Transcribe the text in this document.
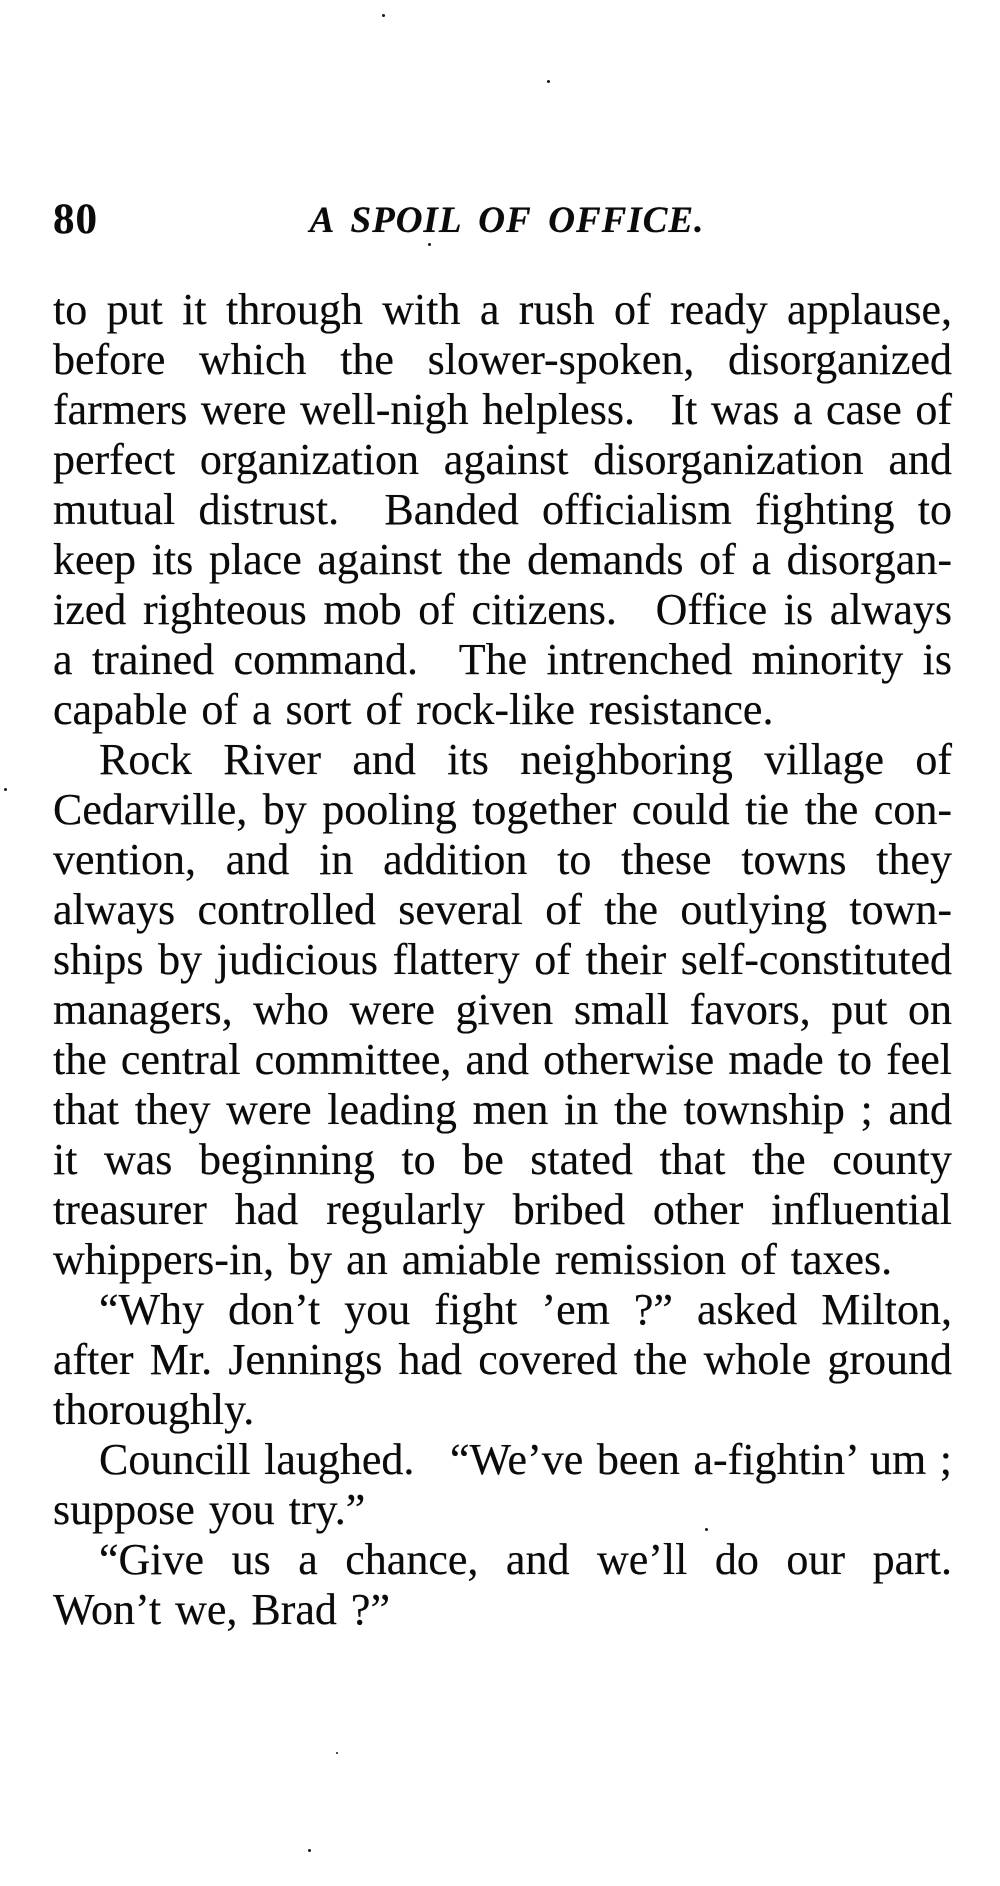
80	A SPOIL OF OFFICE.
to put it through with a rush of ready applause,
before which the slower-spoken, disorganized
farmers were well-nigh helpless.  It was a case of
perfect organization against disorganization and
mutual distrust.  Banded officialism fighting to
keep its place against the demands of a disorgan-
ized righteous mob of citizens.  Office is always
a trained command.  The intrenched minority is
capable of a sort of rock-like resistance.
Rock River and its neighboring village of
Cedarville, by pooling together could tie the con-
vention, and in addition to these towns they
always controlled several of the outlying town-
ships by judicious flattery of their self-constituted
managers, who were given small favors, put on
the central committee, and otherwise made to feel
that they were leading men in the township ; and
it was beginning to be stated that the county
treasurer had regularly bribed other influential
whippers-in, by an amiable remission of taxes.
“Why don’t you fight ’em ?” asked Milton,
after Mr. Jennings had covered the whole ground
thoroughly.
Councill laughed.  “We’ve been a-fightin’ um ;
suppose you try.”
“Give us a chance, and we’ll do our part.
Won’t we, Brad ?”
